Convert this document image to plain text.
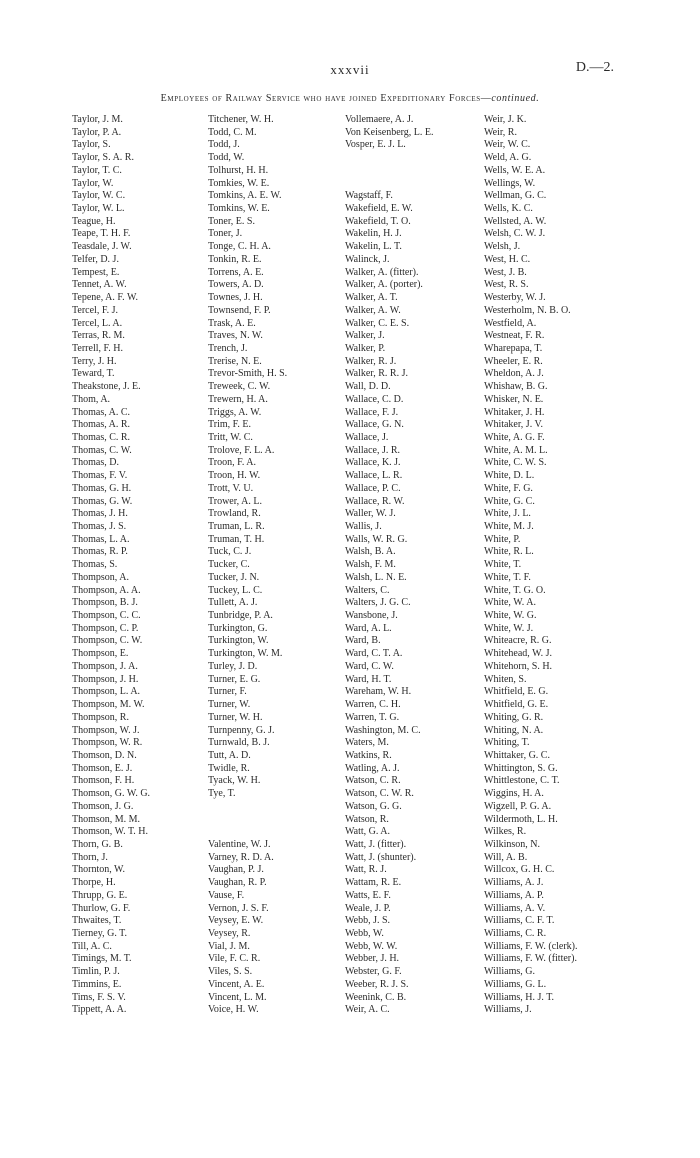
xxxvii	D.—2.
Employees of Railway Service who have joined Expeditionary Forces—continued.
Taylor, J. M.
Taylor, P. A.
Taylor, S.
Taylor, S. A. R.
Taylor, T. C.
Taylor, W.
Taylor, W. C.
Taylor, W. L.
Teague, H.
Teape, T. H. F.
Teasdale, J. W.
Telfer, D. J.
Tempest, E.
Tennet, A. W.
Tepene, A. F. W.
Tercel, F. J.
Tercel, L. A.
Terras, R. M.
Terrell, F. H.
Terry, J. H.
Teward, T.
Theakstone, J. E.
Thom, A.
Thomas, A. C.
Thomas, A. R.
Thomas, C. R.
Thomas, C. W.
Thomas, D.
Thomas, F. V.
Thomas, G. H.
Thomas, G. W.
Thomas, J. H.
Thomas, J. S.
Thomas, L. A.
Thomas, R. P.
Thomas, S.
Thompson, A.
Thompson, A. A.
Thompson, B. J.
Thompson, C. C.
Thompson, C. P.
Thompson, C. W.
Thompson, E.
Thompson, J. A.
Thompson, J. H.
Thompson, L. A.
Thompson, M. W.
Thompson, R.
Thompson, W. J.
Thompson, W. R.
Thomson, D. N.
Thomson, E. J.
Thomson, F. H.
Thomson, G. W. G.
Thomson, J. G.
Thomson, M. M.
Thomson, W. T. H.
Thorn, G. B.
Thorn, J.
Thornton, W.
Thorpe, H.
Thrupp, G. E.
Thurlow, G. F.
Thwaites, T.
Tierney, G. T.
Till, A. C.
Timings, M. T.
Timlin, P. J.
Timmins, E.
Tims, F. S. V.
Tippett, A. A.
Titchener, W. H.
Todd, C. M.
Todd, J.
Todd, W.
Tolhurst, H. H.
Tomkies, W. E.
Tomkins, A. E. W.
Tomkins, W. E.
Toner, E. S.
Toner, J.
Tonge, C. H. A.
Tonkin, R. E.
Torrens, A. E.
Towers, A. D.
Townes, J. H.
Townsend, F. P.
Trask, A. E.
Traves, N. W.
Trench, J.
Trerise, N. E.
Trevor-Smith, H. S.
Treweek, C. W.
Trewern, H. A.
Triggs, A. W.
Trim, F. E.
Tritt, W. C.
Trolove, F. L. A.
Troon, F. A.
Troon, H. W.
Trott, V. U.
Trower, A. L.
Trowland, R.
Truman, L. R.
Truman, T. H.
Tuck, C. J.
Tucker, C.
Tucker, J. N.
Tuckey, L. C.
Tullett, A. J.
Tunbridge, P. A.
Turkington, G.
Turkington, W.
Turkington, W. M.
Turley, J. D.
Turner, E. G.
Turner, F.
Turner, W.
Turner, W. H.
Turnpenny, G. J.
Turnwald, B. J.
Tutt, A. D.
Twidle, R.
Tyack, W. H.
Tye, T.
Valentine, W. J.
Varney, R. D. A.
Vaughan, P. J.
Vaughan, R. P.
Vause, F.
Vernon, J. S. F.
Veysey, E. W.
Veysey, R.
Vial, J. M.
Vile, F. C. R.
Viles, S. S.
Vincent, A. E.
Vincent, L. M.
Voice, H. W.
Vollemaere, A. J.
Von Keisenberg, L. E.
Vosper, E. J. L.
Wagstaff, F.
Wakefield, E. W.
Wakefield, T. O.
Wakelin, H. J.
Wakelin, L. T.
Walinck, J.
Walker, A. (fitter).
Walker, A. (porter).
Walker, A. T.
Walker, A. W.
Walker, C. E. S.
Walker, J.
Walker, P.
Walker, R. J.
Walker, R. R. J.
Wall, D. D.
Wallace, C. D.
Wallace, F. J.
Wallace, G. N.
Wallace, J.
Wallace, J. R.
Wallace, K. J.
Wallace, L. R.
Wallace, P. C.
Wallace, R. W.
Waller, W. J.
Wallis, J.
Walls, W. R. G.
Walsh, B. A.
Walsh, F. M.
Walsh, L. N. E.
Walters, C.
Walters, J. G. C.
Wansbone, J.
Ward, A. L.
Ward, B.
Ward, C. T. A.
Ward, C. W.
Ward, H. T.
Wareham, W. H.
Warren, C. H.
Warren, T. G.
Washington, M. C.
Waters, M.
Watkins, R.
Watling, A. J.
Watson, C. R.
Watson, C. W. R.
Watson, G. G.
Watson, R.
Watt, G. A.
Watt, J. (fitter).
Watt, J. (shunter).
Watt, R. J.
Wattam, R. E.
Watts, E. F.
Weale, J. P.
Webb, J. S.
Webb, W.
Webb, W. W.
Webber, J. H.
Webster, G. F.
Weeber, R. J. S.
Weenink, C. B.
Weir, A. C.
Weir, J. K.
Weir, R.
Weir, W. C.
Weld, A. G.
Wells, W. E. A.
Wellings, W.
Wellman, G. C.
Wells, K. C.
Wellsted, A. W.
Welsh, C. W. J.
Welsh, J.
West, H. C.
West, J. B.
West, R. S.
Westerby, W. J.
Westerholm, N. B. O.
Westfield, A.
Westneat, F. R.
Wharepapa, T.
Wheeler, E. R.
Wheldon, A. J.
Whishaw, B. G.
Whisker, N. E.
Whitaker, J. H.
Whitaker, J. V.
White, A. G. F.
White, A. M. L.
White, C. W. S.
White, D. L.
White, F. G.
White, G. C.
White, J. L.
White, M. J.
White, P.
White, R. L.
White, T.
White, T. F.
White, T. G. O.
White, W. A.
White, W. G.
White, W. J.
Whiteacre, R. G.
Whitehead, W. J.
Whitehorn, S. H.
Whiten, S.
Whitfield, E. G.
Whitfield, G. E.
Whiting, G. R.
Whiting, N. A.
Whiting, T.
Whittaker, G. C.
Whittington, S. G.
Whittlestone, C. T.
Wiggins, H. A.
Wigzell, P. G. A.
Wildermoth, L. H.
Wilkes, R.
Wilkinson, N.
Will, A. B.
Willcox, G. H. C.
Williams, A. J.
Williams, A. P.
Williams, A. V.
Williams, C. F. T.
Williams, C. R.
Williams, F. W. (clerk).
Williams, F. W. (fitter).
Williams, G.
Williams, G. L.
Williams, H. J. T.
Williams, J.
